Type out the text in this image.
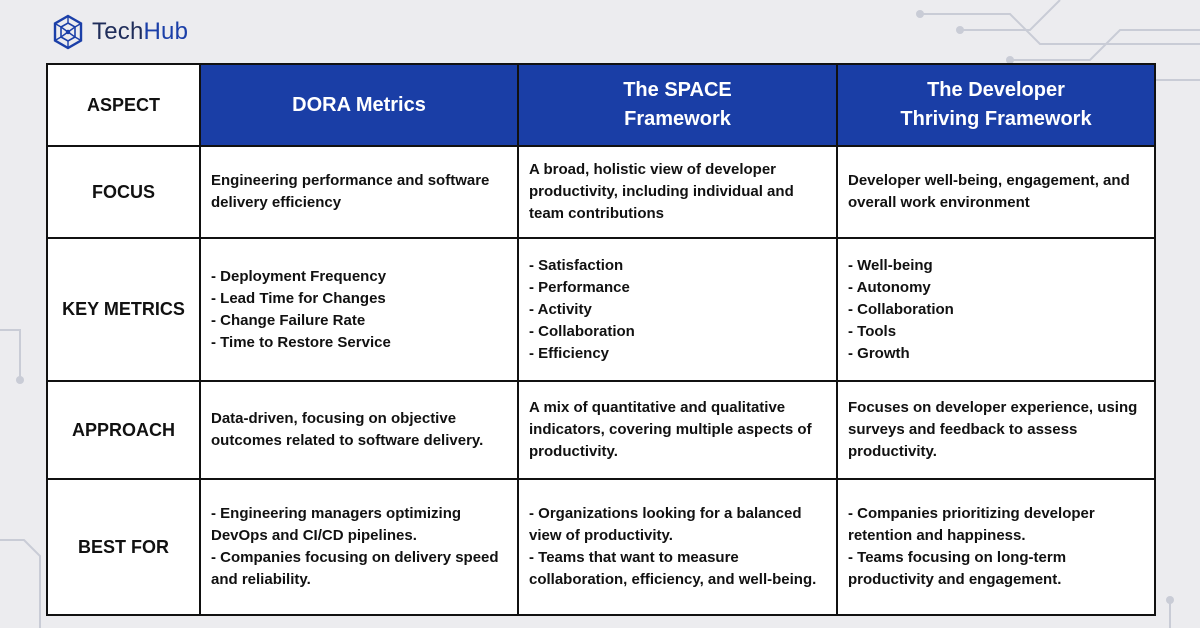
TechHub
ASPECT	DORA Metrics	The SPACE
Framework	The Developer
Thriving Framework

FOCUS	Engineering performance and software
delivery efficiency	A broad, holistic view of developer
productivity, including individual and
team contributions	Developer well-being, engagement, and
overall work environment

KEY METRICS	- Deployment Frequency
- Lead Time for Changes
- Change Failure Rate
- Time to Restore Service	- Satisfaction
- Performance
- Activity
- Collaboration
- Efficiency	- Well-being
- Autonomy
- Collaboration
- Tools
- Growth

APPROACH	Data-driven, focusing on objective
outcomes related to software delivery.	A mix of quantitative and qualitative
indicators, covering multiple aspects of
productivity.	Focuses on developer experience, using
surveys and feedback to assess
productivity.

BEST FOR	- Engineering managers optimizing
DevOps and CI/CD pipelines.
- Companies focusing on delivery speed
and reliability.	- Organizations looking for a balanced
view of productivity.
- Teams that want to measure
collaboration, efficiency, and well-being.	- Companies prioritizing developer
retention and happiness.
- Teams focusing on long-term
productivity and engagement.
